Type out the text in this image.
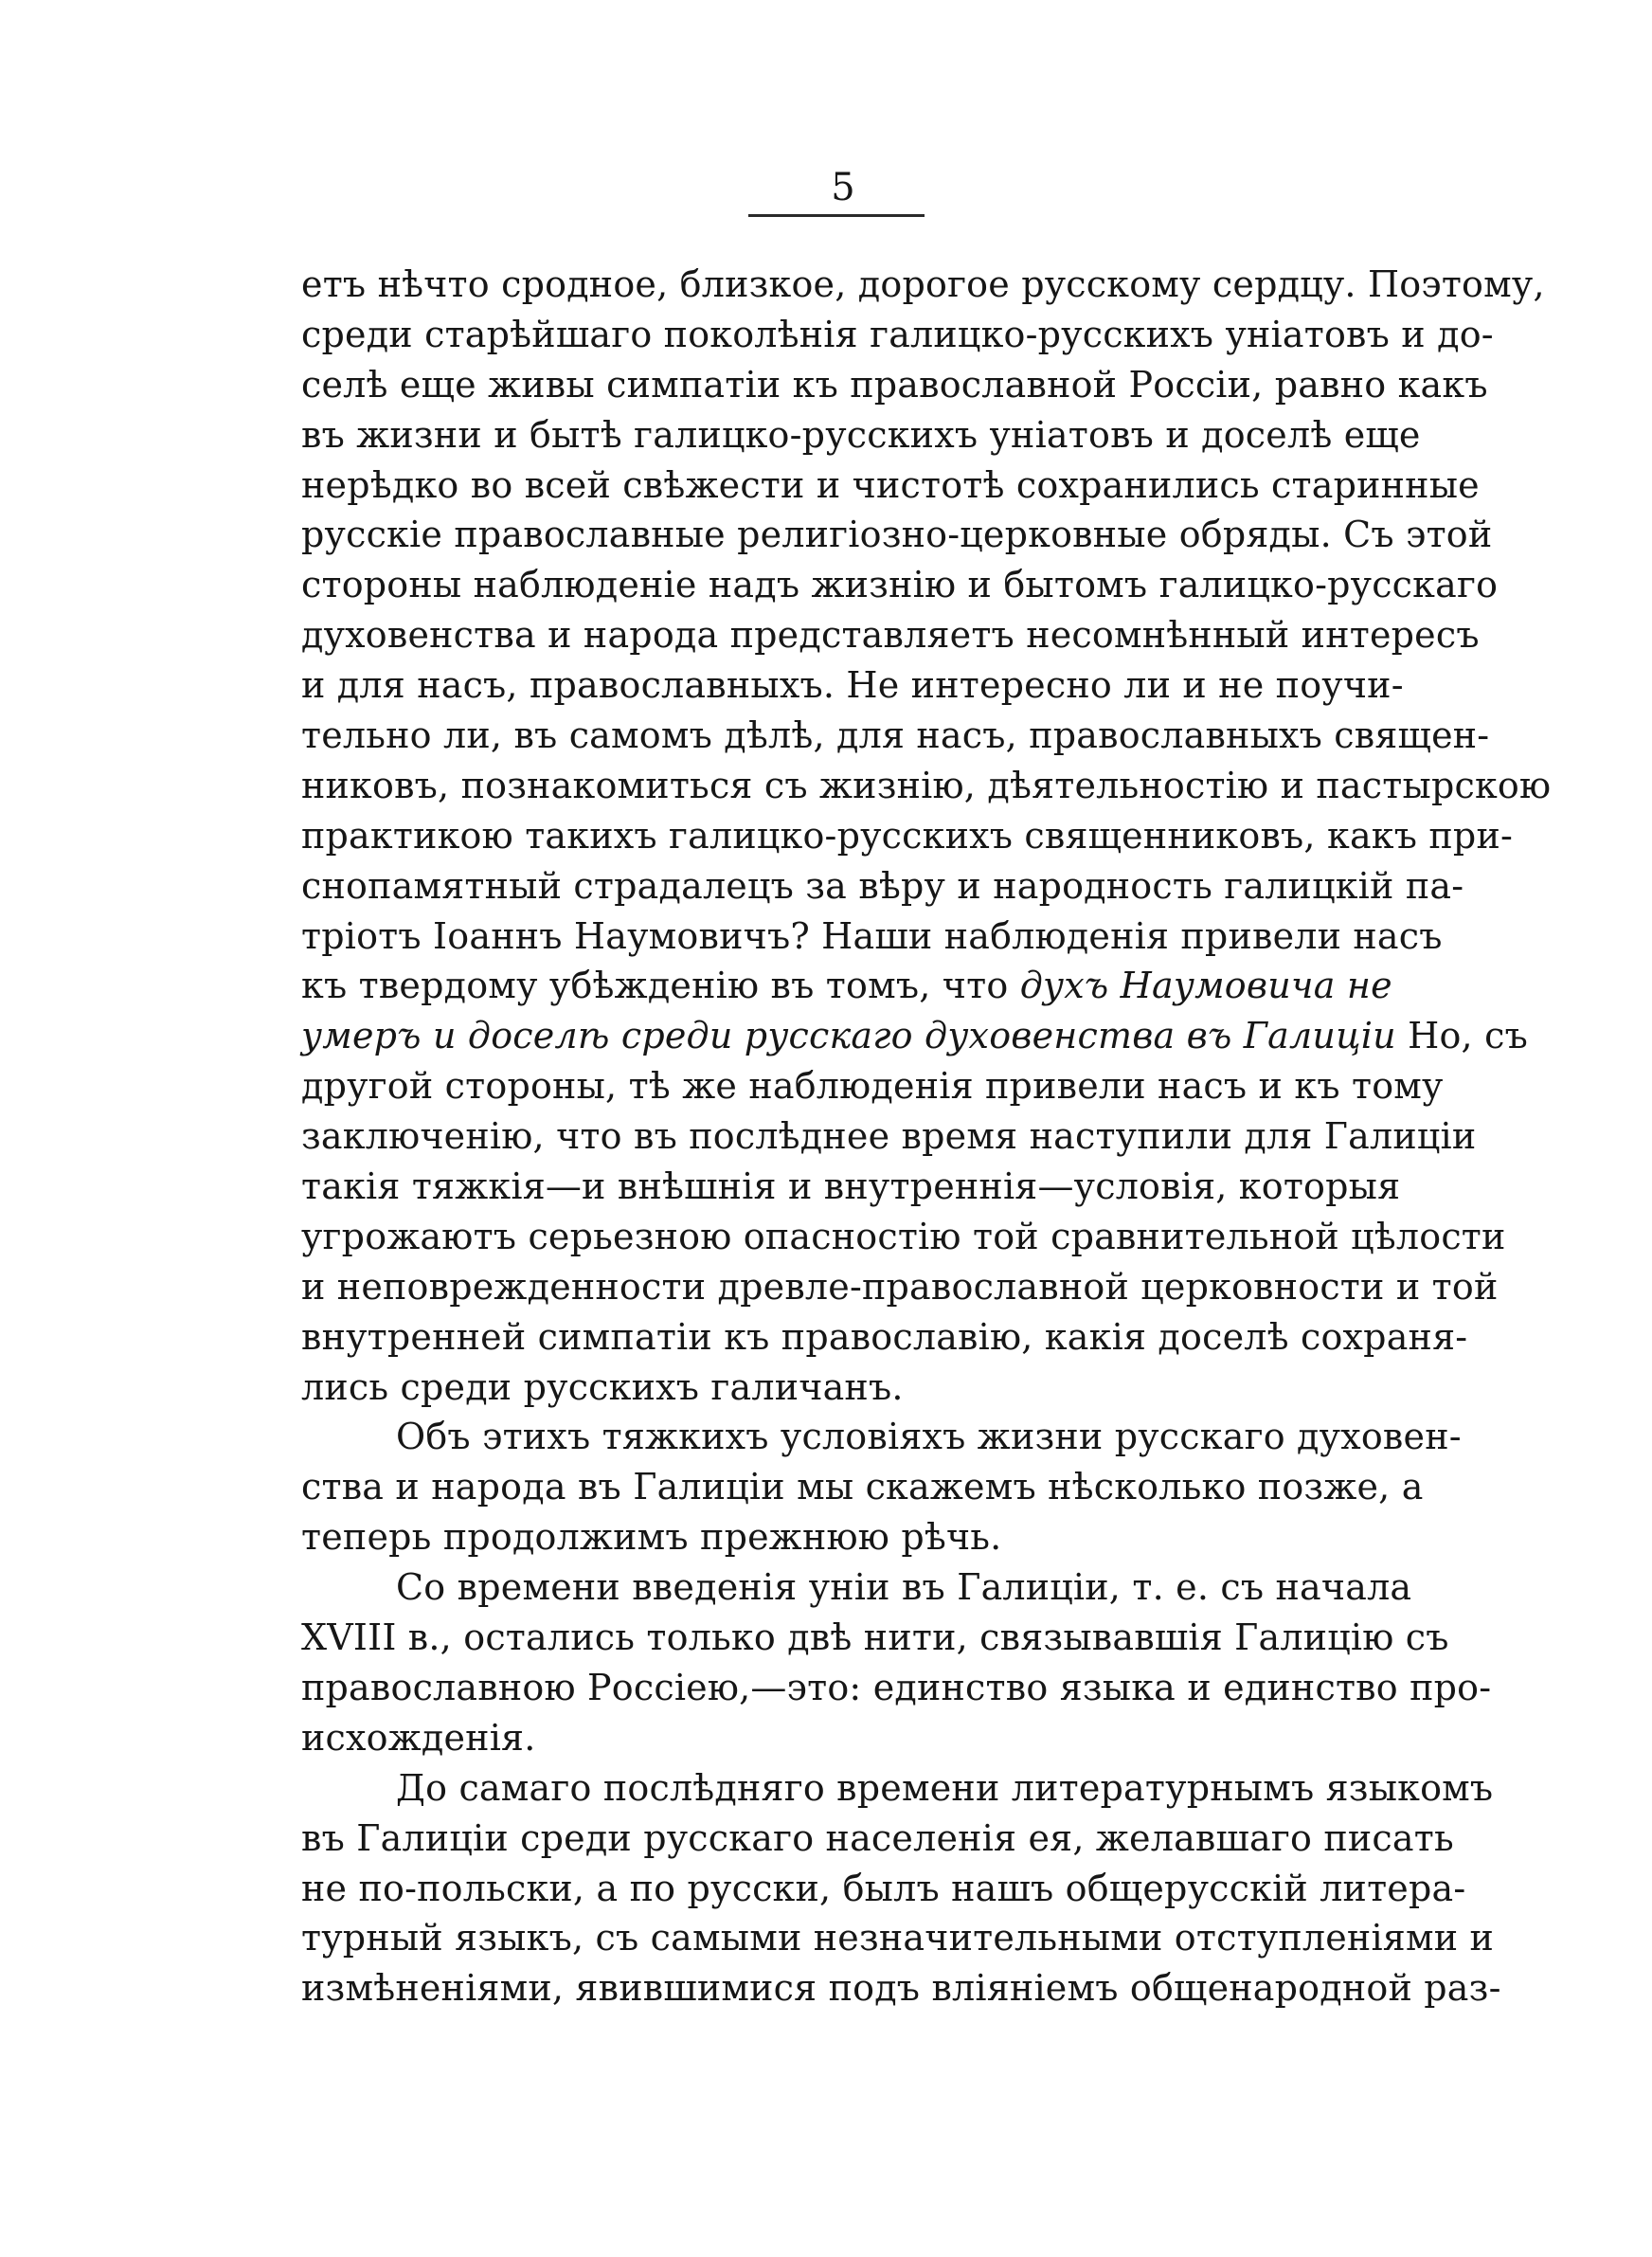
5
етъ нѣчто сродное, близкое, дорогое русскому сердцу. Поэтому,
среди старѣйшаго поколѣнія галицко-русскихъ уніатовъ и до-
селѣ еще живы симпатіи къ православной Россіи, равно какъ
въ жизни и бытѣ галицко-русскихъ уніатовъ и доселѣ еще
нерѣдко во всей свѣжести и чистотѣ сохранились старинные
русскіе православные религіозно-церковные обряды. Съ этой
стороны наблюденіе надъ жизнію и бытомъ галицко-русскаго
духовенства и народа представляетъ несомнѣнный интересъ
и для насъ, православныхъ. Не интересно ли и не поучи-
тельно ли, въ самомъ дѣлѣ, для насъ, православныхъ священ-
никовъ, познакомиться съ жизнію, дѣятельностію и пастырскою
практикою такихъ галицко-русскихъ священниковъ, какъ при-
снопамятный страдалецъ за вѣру и народность галицкій па-
тріотъ Іоаннъ Наумовичъ? Наши наблюденія привели насъ
къ твердому убѣжденію въ томъ, что духъ Наумовича не
умеръ и доселѣ среди русскаго духовенства въ Галиціи Но, съ
другой стороны, тѣ же наблюденія привели насъ и къ тому
заключенію, что въ послѣднее время наступили для Галиціи
такія тяжкія—и внѣшнія и внутреннія—условія, которыя
угрожаютъ серьезною опасностію той сравнительной цѣлости
и неповрежденности древле-православной церковности и той
внутренней симпатіи къ православію, какія доселѣ сохраня-
лись среди русскихъ галичанъ.
Объ этихъ тяжкихъ условіяхъ жизни русскаго духовен-
ства и народа въ Галиціи мы скажемъ нѣсколько позже, а
теперь продолжимъ прежнюю рѣчь.
Со времени введенія уніи въ Галиціи, т. е. съ начала
XVIII в., остались только двѣ нити, связывавшія Галицію съ
православною Россіею,—это: единство языка и единство про-
исхожденія.
До самаго послѣдняго времени литературнымъ языкомъ
въ Галиціи среди русскаго населенія ея, желавшаго писать
не по-польски, а по русски, былъ нашъ общерусскій литера-
турный языкъ, съ самыми незначительными отступленіями и
измѣненіями, явившимися подъ вліяніемъ общенародной раз-
